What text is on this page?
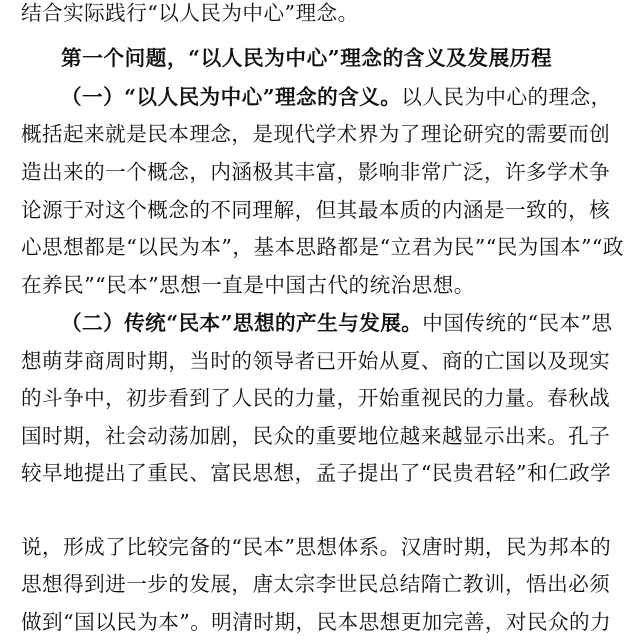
结合实际践行“以人民为中心”理念。
第一个问题，“以人民为中心”理念的含义及发展历程
（一）“以人民为中心”理念的含义。以人民为中心的理念，
概括起来就是民本理念，是现代学术界为了理论研究的需要而创
造出来的一个概念，内涵极其丰富，影响非常广泛，许多学术争
论源于对这个概念的不同理解，但其最本质的内涵是一致的，核
心思想都是“以民为本”，基本思路都是“立君为民”“民为国本”“政
在养民”“民本”思想一直是中国古代的统治思想。
（二）传统“民本”思想的产生与发展。中国传统的“民本”思
想萌芽商周时期，当时的领导者已开始从夏、商的亡国以及现实
的斗争中，初步看到了人民的力量，开始重视民的力量。春秋战
国时期，社会动荡加剧，民众的重要地位越来越显示出来。孔子
较早地提出了重民、富民思想，孟子提出了“民贵君轻”和仁政学
说，形成了比较完备的“民本”思想体系。汉唐时期，民为邦本的
思想得到进一步的发展，唐太宗李世民总结隋亡教训，悟出必须
做到“国以民为本”。明清时期，民本思想更加完善，对民众的力
